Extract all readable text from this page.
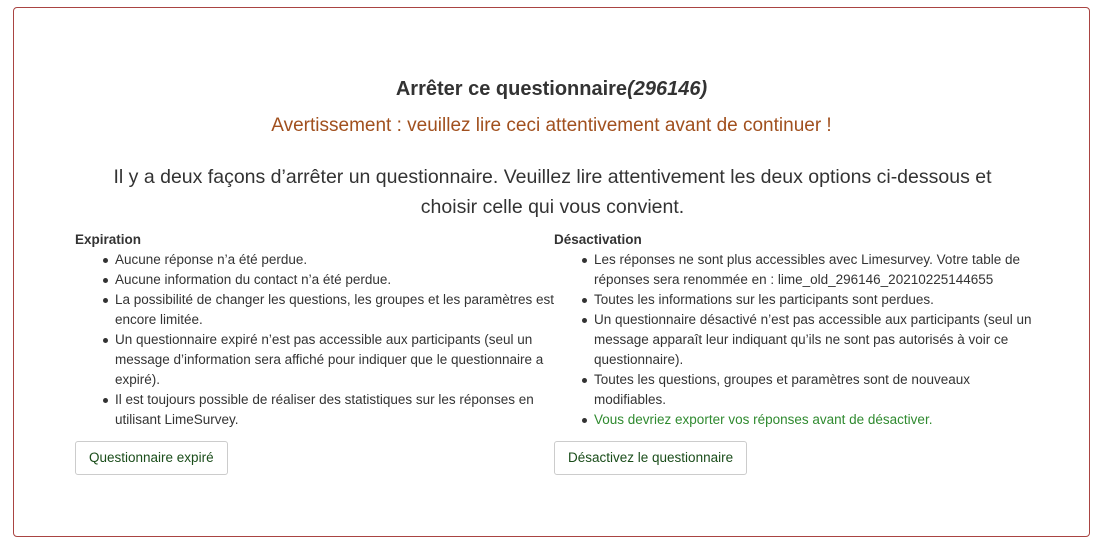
Arrêter ce questionnaire(296146)
Avertissement : veuillez lire ceci attentivement avant de continuer !
Il y a deux façons d’arrêter un questionnaire. Veuillez lire attentivement les deux options ci-dessous et choisir celle qui vous convient.
Expiration
Aucune réponse n’a été perdue.
Aucune information du contact n’a été perdue.
La possibilité de changer les questions, les groupes et les paramètres est encore limitée.
Un questionnaire expiré n’est pas accessible aux participants (seul un message d’information sera affiché pour indiquer que le questionnaire a expiré).
Il est toujours possible de réaliser des statistiques sur les réponses en utilisant LimeSurvey.
Désactivation
Les réponses ne sont plus accessibles avec Limesurvey. Votre table de réponses sera renommée en : lime_old_296146_20210225144655
Toutes les informations sur les participants sont perdues.
Un questionnaire désactivé n’est pas accessible aux participants (seul un message apparaît leur indiquant qu’ils ne sont pas autorisés à voir ce questionnaire).
Toutes les questions, groupes et paramètres sont de nouveaux modifiables.
Vous devriez exporter vos réponses avant de désactiver.
Questionnaire expiré	Désactivez le questionnaire
